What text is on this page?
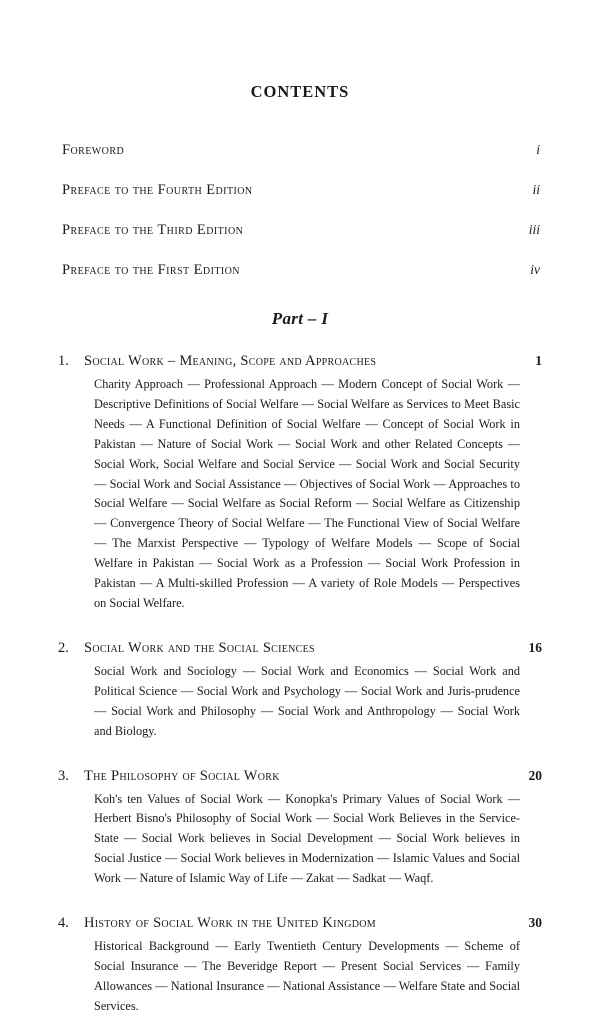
CONTENTS
Foreword	i
Preface to the Fourth Edition	ii
Preface to the Third Edition	iii
Preface to the First Edition	iv
Part – I
1.	Social Work – Meaning, Scope and Approaches	1
Charity Approach — Professional Approach — Modern Concept of Social Work — Descriptive Definitions of Social Welfare — Social Welfare as Services to Meet Basic Needs — A Functional Definition of Social Welfare — Concept of Social Work in Pakistan — Nature of Social Work — Social Work and other Related Concepts — Social Work, Social Welfare and Social Service — Social Work and Social Security — Social Work and Social Assistance — Objectives of Social Work — Approaches to Social Welfare — Social Welfare as Social Reform — Social Welfare as Citizenship — Convergence Theory of Social Welfare — The Functional View of Social Welfare — The Marxist Perspective — Typology of Welfare Models — Scope of Social Welfare in Pakistan — Social Work as a Profession — Social Work Profession in Pakistan — A Multi-skilled Profession — A variety of Role Models — Perspectives on Social Welfare.
2.	Social Work and the Social Sciences	16
Social Work and Sociology — Social Work and Economics — Social Work and Political Science — Social Work and Psychology — Social Work and Juris-prudence — Social Work and Philosophy — Social Work and Anthropology — Social Work and Biology.
3.	The Philosophy of Social Work	20
Koh's ten Values of Social Work — Konopka's Primary Values of Social Work — Herbert Bisno's Philosophy of Social Work — Social Work Believes in the Service-State — Social Work believes in Social Development — Social Work believes in Social Justice — Social Work believes in Modernization — Islamic Values and Social Work — Nature of Islamic Way of Life — Zakat — Sadkat — Waqf.
4.	History of Social Work in the United Kingdom	30
Historical Background — Early Twentieth Century Developments — Scheme of Social Insurance — The Beveridge Report — Present Social Services — Family Allowances — National Insurance — National Assistance — Welfare State and Social Services.
